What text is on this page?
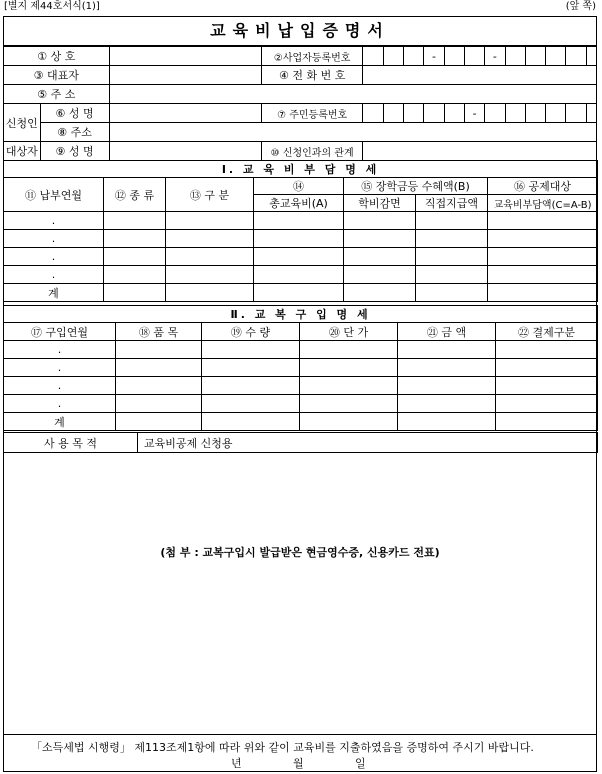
[별지 제44호서식(1)]	(앞 쪽)
교육비납입증명서
① 상 호			②사업자등록번호				-			-					
③ 대표자			④ 전 화 번 호												
⑤ 주 소															
신청인	⑥ 성 명		⑦ 주민등록번호						-						
	⑧ 주소														
대상자	⑨ 성 명		⑩ 신청인과의 관계												
Ⅰ. 교 육 비 부 담 명 세						
⑪ 납부연월	⑫ 종 류	⑬ 구 분	⑭	⑮ 장학금등 수혜액(B)		⑯ 공제대상
			총교육비(A)	학비감면	직접지급액	교육비부담액(C=A-B)
.						
.						
.						
.						
계						
Ⅱ. 교 복 구 입 명 세					
⑰ 구입연월	⑱ 품 목	⑲ 수 량	⑳ 단 가	㉑ 금 액	㉒ 결제구분
.					
.					
.					
.					
계					
사 용 목 적	교육비공제 신청용
(첨 부 : 교복구입시 발급받은 현금영수증, 신용카드 전표)
「소득세법 시행령」 제113조제1항에 따라 위와 같이 교육비를 지출하였음을 증명하여 주시기 바랍니다.
년	월	일
